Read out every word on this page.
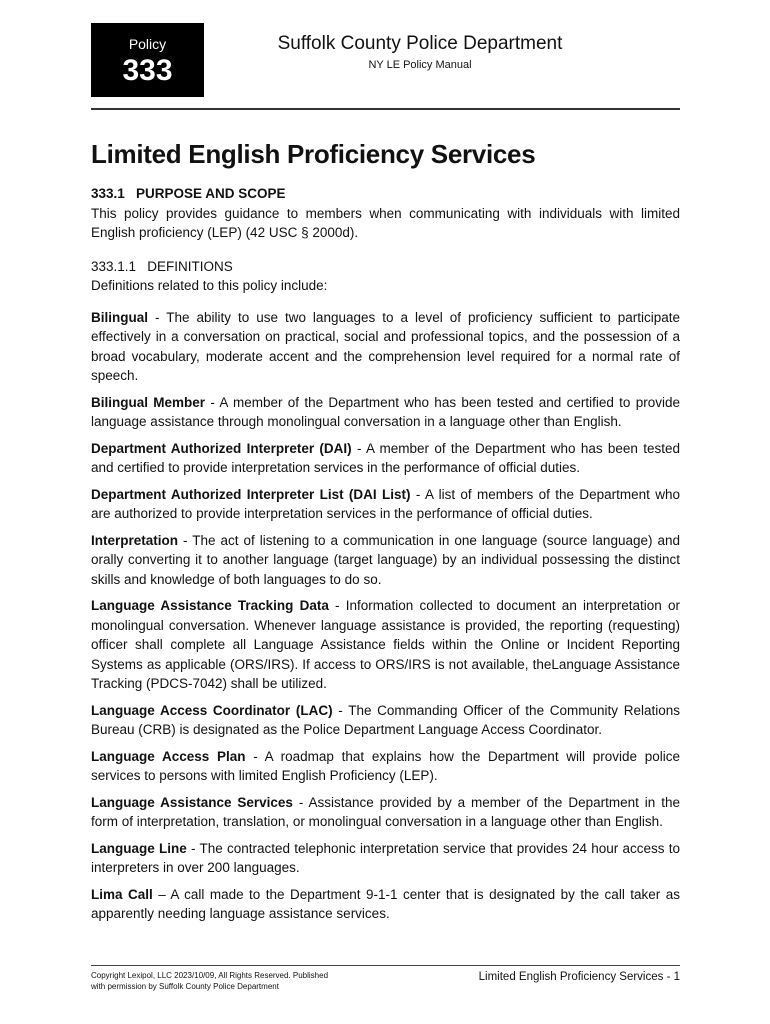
Policy
333
Suffolk County Police Department
NY LE Policy Manual
Limited English Proficiency Services
333.1   PURPOSE AND SCOPE

This policy provides guidance to members when communicating with individuals with limited English proficiency (LEP) (42 USC § 2000d).

333.1.1   DEFINITIONS

Definitions related to this policy include:

Bilingual - The ability to use two languages to a level of proficiency sufficient to participate effectively in a conversation on practical, social and professional topics, and the possession of a broad vocabulary, moderate accent and the comprehension level required for a normal rate of speech.

Bilingual Member - A member of the Department who has been tested and certified to provide language assistance through monolingual conversation in a language other than English.

Department Authorized Interpreter (DAI) - A member of the Department who has been tested and certified to provide interpretation services in the performance of official duties.

Department Authorized Interpreter List (DAI List) - A list of members of the Department who are authorized to provide interpretation services in the performance of official duties.

Interpretation - The act of listening to a communication in one language (source language) and orally converting it to another language (target language) by an individual possessing the distinct skills and knowledge of both languages to do so.

Language Assistance Tracking Data - Information collected to document an interpretation or monolingual conversation. Whenever language assistance is provided, the reporting (requesting) officer shall complete all Language Assistance fields within the Online or Incident Reporting Systems as applicable (ORS/IRS). If access to ORS/IRS is not available, theLanguage Assistance Tracking (PDCS-7042) shall be utilized.

Language Access Coordinator (LAC) - The Commanding Officer of the Community Relations Bureau (CRB) is designated as the Police Department Language Access Coordinator.

Language Access Plan - A roadmap that explains how the Department will provide police services to persons with limited English Proficiency (LEP).

Language Assistance Services - Assistance provided by a member of the Department in the form of interpretation, translation, or monolingual conversation in a language other than English.

Language Line - The contracted telephonic interpretation service that provides 24 hour access to interpreters in over 200 languages.

Lima Call – A call made to the Department 9-1-1 center that is designated by the call taker as apparently needing language assistance services.

Copyright Lexipol, LLC 2023/10/09, All Rights Reserved. Published with permission by Suffolk County Police Department
Limited English Proficiency Services - 1
